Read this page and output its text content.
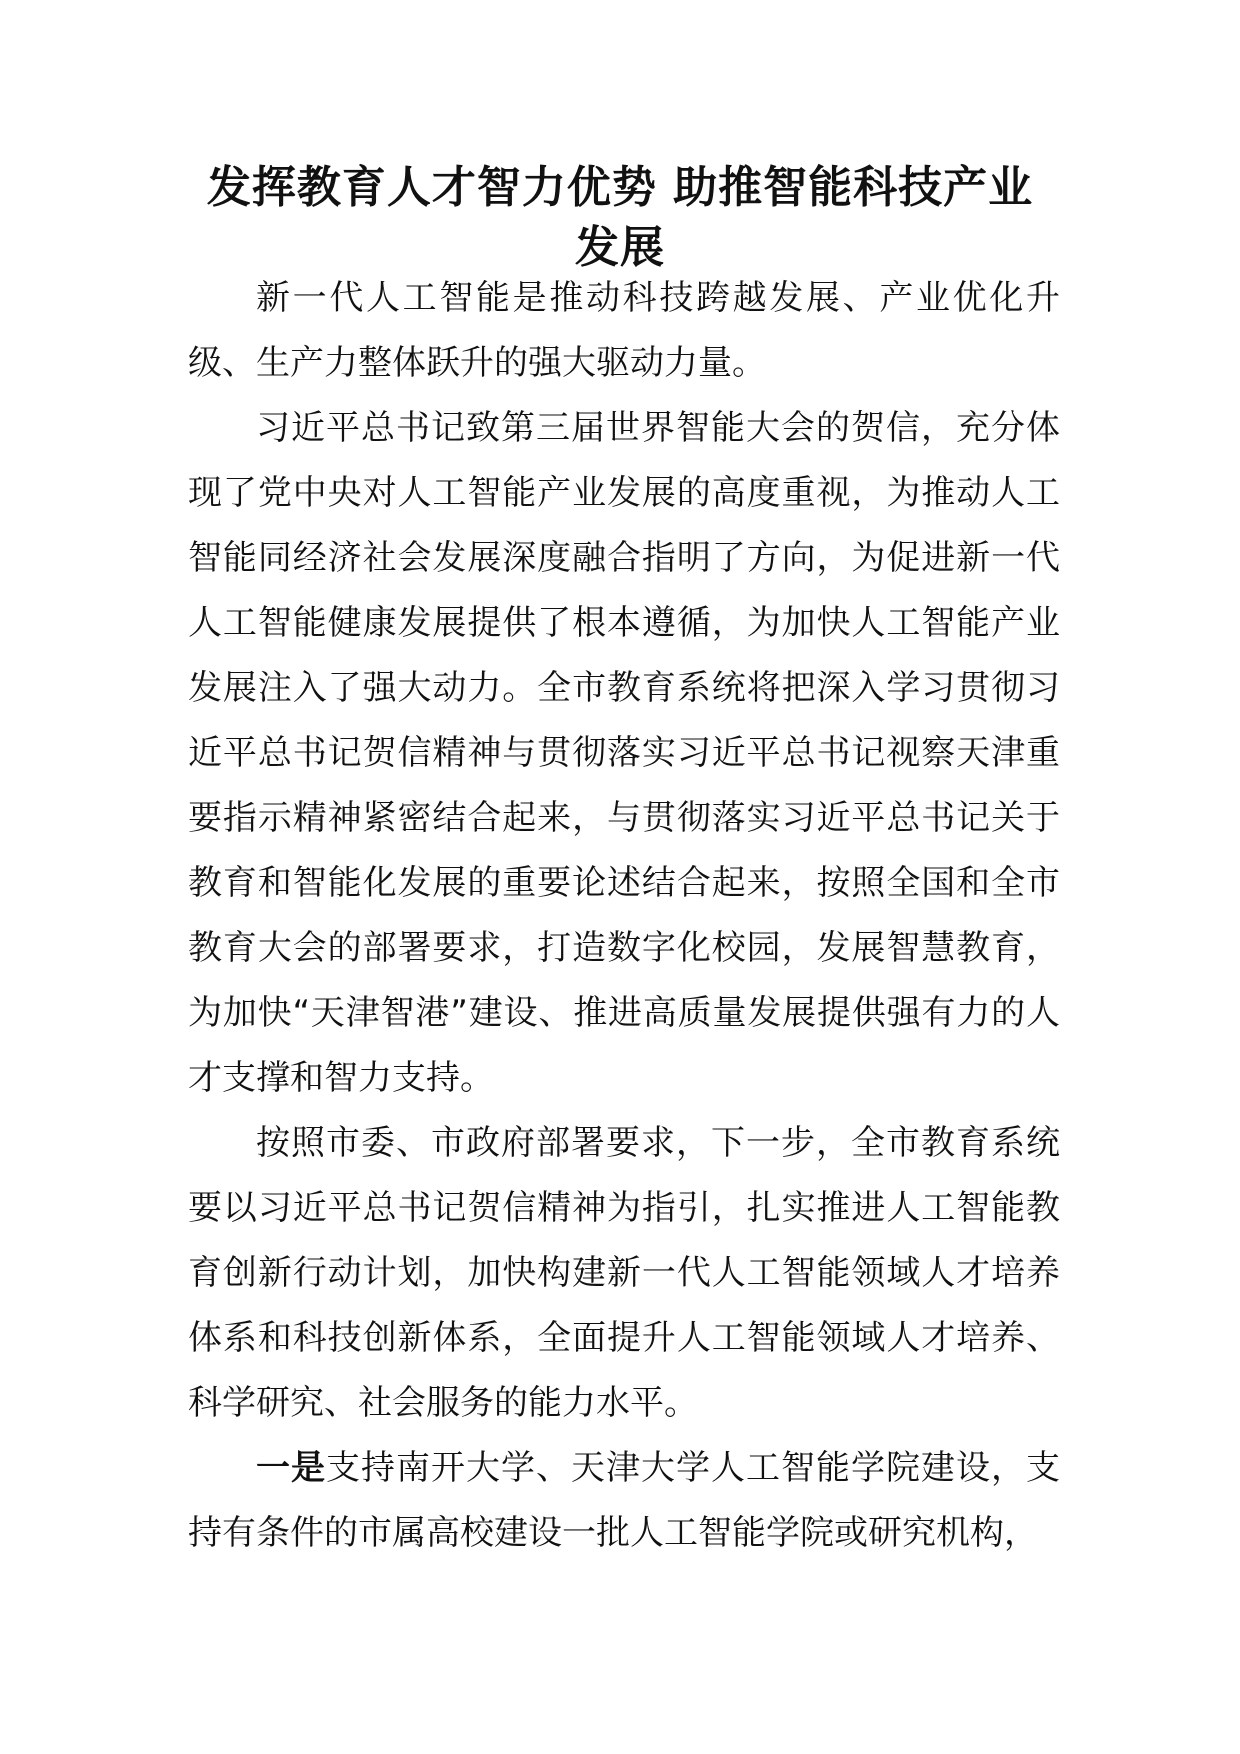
发挥教育人才智力优势 助推智能科技产业
发展

新一代人工智能是推动科技跨越发展、产业优化升级、生产力整体跃升的强大驱动力量。

习近平总书记致第三届世界智能大会的贺信，充分体现了党中央对人工智能产业发展的高度重视，为推动人工智能同经济社会发展深度融合指明了方向，为促进新一代人工智能健康发展提供了根本遵循，为加快人工智能产业发展注入了强大动力。全市教育系统将把深入学习贯彻习近平总书记贺信精神与贯彻落实习近平总书记视察天津重要指示精神紧密结合起来，与贯彻落实习近平总书记关于教育和智能化发展的重要论述结合起来，按照全国和全市教育大会的部署要求，打造数字化校园，发展智慧教育，为加快“天津智港”建设、推进高质量发展提供强有力的人才支撑和智力支持。

按照市委、市政府部署要求，下一步，全市教育系统要以习近平总书记贺信精神为指引，扎实推进人工智能教育创新行动计划，加快构建新一代人工智能领域人才培养体系和科技创新体系，全面提升人工智能领域人才培养、科学研究、社会服务的能力水平。

一是支持南开大学、天津大学人工智能学院建设，支持有条件的市属高校建设一批人工智能学院或研究机构，
